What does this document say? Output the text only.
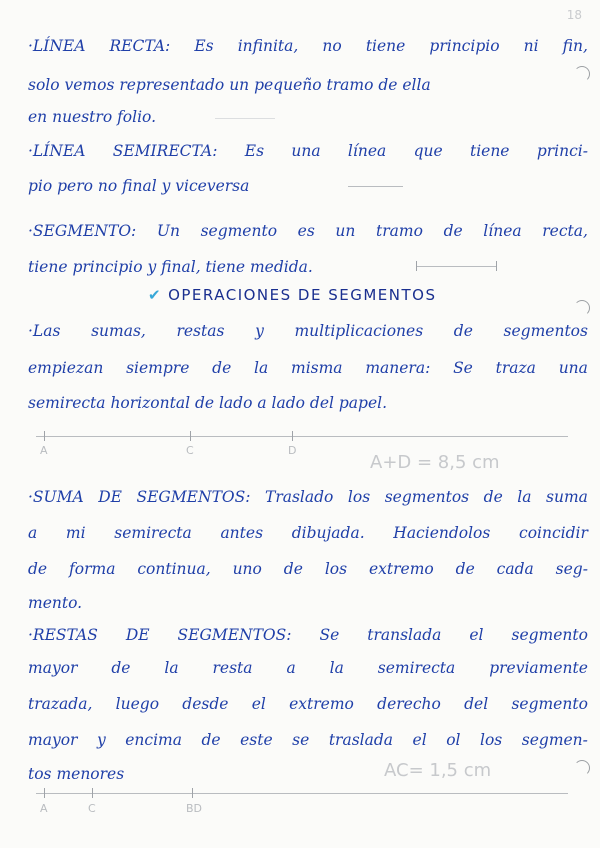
18
·LÍNEA RECTA: Es infinita, no tiene principio ni fin,
solo vemos representado un pequeño tramo de ella
en nuestro folio.
·LÍNEA SEMIRECTA: Es una línea que tiene princi-
pio pero no final y viceversa
·SEGMENTO: Un segmento es un tramo de línea recta,
tiene principio y final, tiene medida.
✔ OPERACIONES DE SEGMENTOS
·Las sumas, restas y multiplicaciones de segmentos
empiezan siempre de la misma manera: Se traza una
semirecta horizontal de lado a lado del papel.
A	C	D
A+D = 8,5 cm
·SUMA DE SEGMENTOS: Traslado los segmentos de la suma
a mi semirecta antes dibujada. Haciendolos coincidir
de forma continua, uno de los extremo de cada seg-
mento.
·RESTAS DE SEGMENTOS: Se translada el segmento
mayor de la resta a la semirecta previamente
trazada, luego desde el extremo derecho del segmento
mayor y encima de este se traslada el ol los segmen-
tos menores	AC= 1,5 cm
A	C	BD
